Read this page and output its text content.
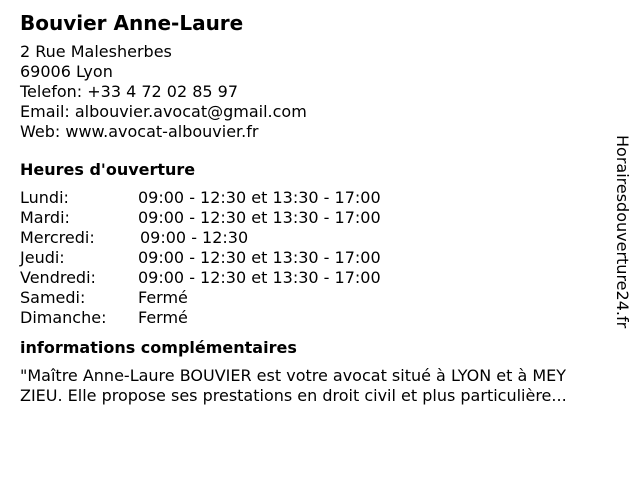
Bouvier Anne-Laure
2 Rue Malesherbes
69006 Lyon
Telefon: +33 4 72 02 85 97
Email: albouvier.avocat@gmail.com
Web: www.avocat-albouvier.fr
Heures d'ouverture
Lundi:	09:00 - 12:30 et 13:30 - 17:00
Mardi:	09:00 - 12:30 et 13:30 - 17:00
Mercredi:	09:00 - 12:30
Jeudi:	09:00 - 12:30 et 13:30 - 17:00
Vendredi:	09:00 - 12:30 et 13:30 - 17:00
Samedi:	Fermé
Dimanche: Fermé
informations complémentaires
"Maître Anne-Laure BOUVIER est votre avocat situé à LYON et à MEY
ZIEU. Elle propose ses prestations en droit civil et plus particulière...
Horairesdouverture24.fr
